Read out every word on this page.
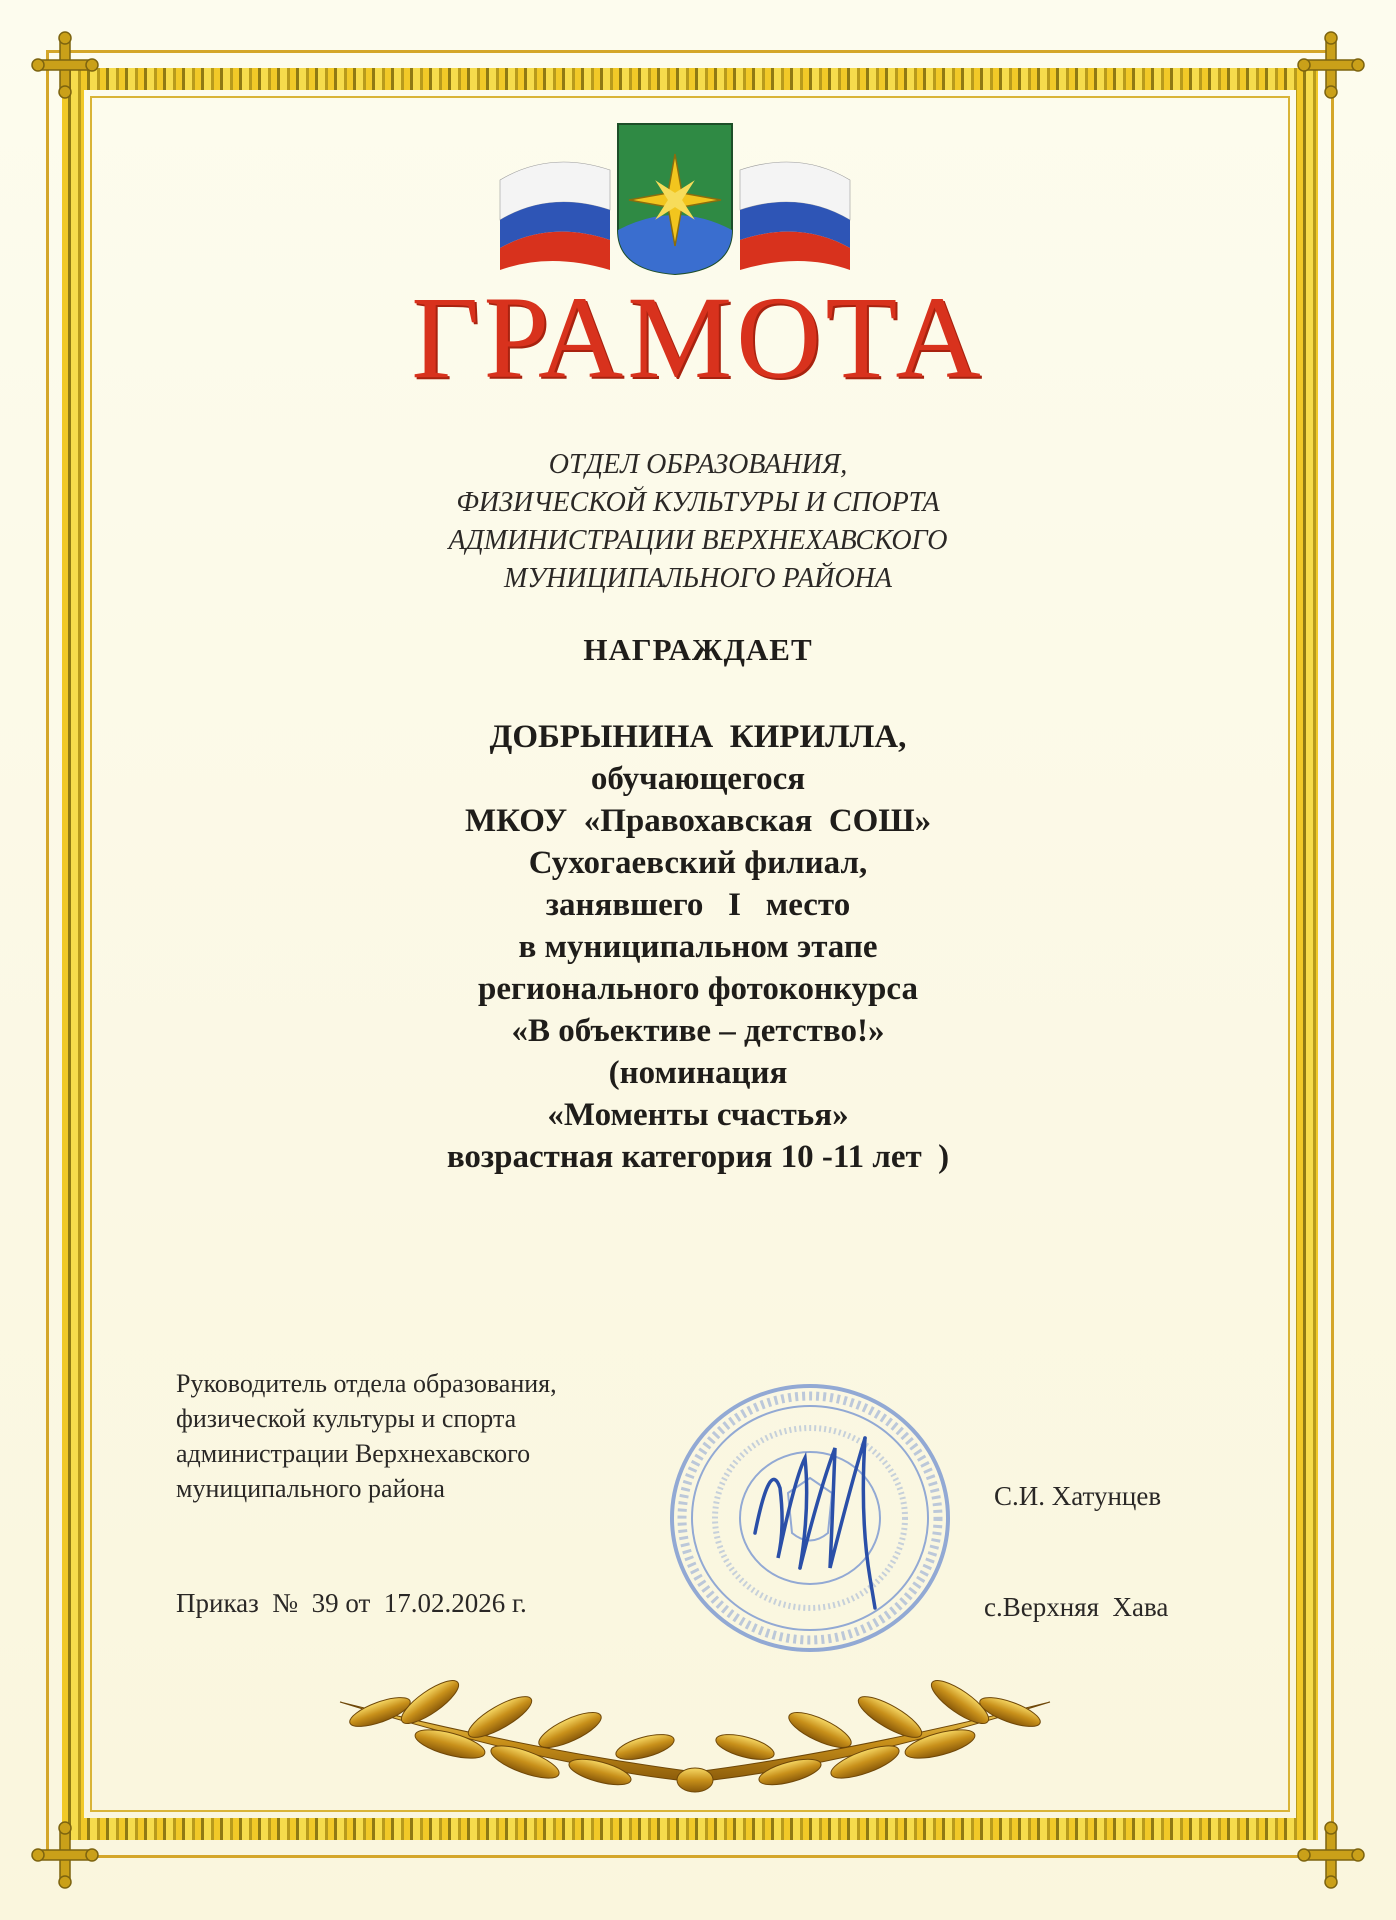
ГРАМОТА
ОТДЕЛ ОБРАЗОВАНИЯ,
ФИЗИЧЕСКОЙ КУЛЬТУРЫ И СПОРТА
АДМИНИСТРАЦИИ ВЕРХНЕХАВСКОГО
МУНИЦИПАЛЬНОГО РАЙОНА
НАГРАЖДАЕТ
ДОБРЫНИНА  КИРИЛЛА,
обучающегося
МКОУ  «Правохавская  СОШ»
Сухогаевский филиал,
занявшего   I   место
в муниципальном этапе
регионального фотоконкурса
«В объективе – детство!»
(номинация
«Моменты счастья»
возрастная категория 10 -11 лет  )
Руководитель отдела образования,
физической культуры и спорта
администрации Верхнехавского
муниципального района	С.И. Хатунцев
Приказ  №  39 от  17.02.2026 г.	с.Верхняя  Хава
